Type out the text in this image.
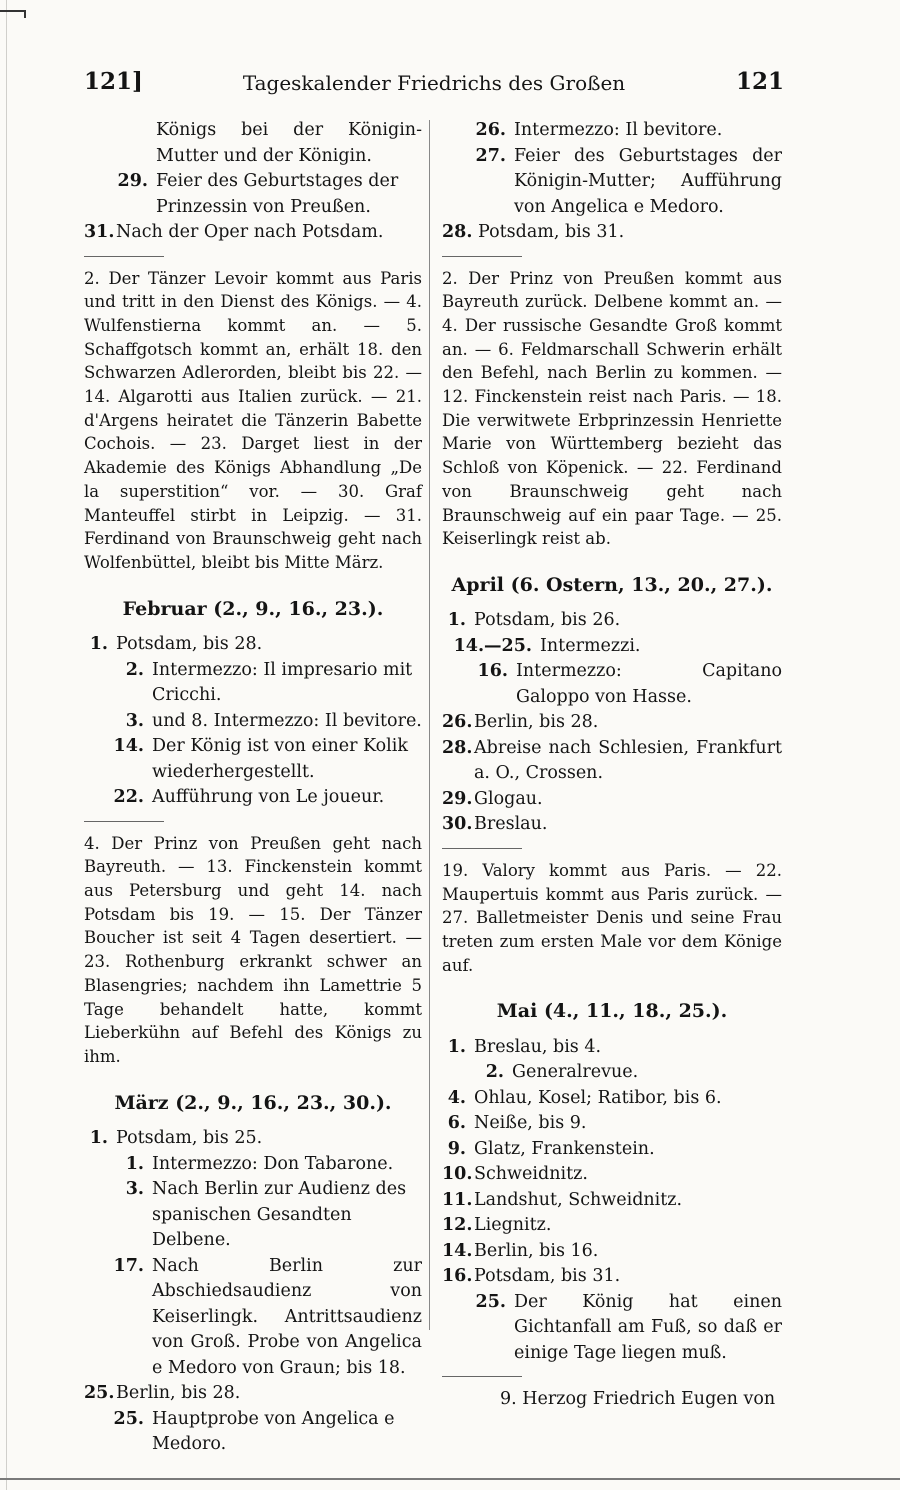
121]	Tageskalender Friedrichs des Großen	121
Königs bei der Königin-Mutter und der Königin.
29. Feier des Geburtstages der Prinzessin von Preußen.
31. Nach der Oper nach Potsdam.

2. Der Tänzer Levoir kommt aus Paris und tritt in den Dienst des Königs. — 4. Wulfenstierna kommt an. — 5. Schaffgotsch kommt an, erhält 18. den Schwarzen Adlerorden, bleibt bis 22. — 14. Algarotti aus Italien zurück. — 21. d'Argens heiratet die Tänzerin Babette Cochois. — 23. Darget liest in der Akademie des Königs Abhandlung „De la superstition“ vor. — 30. Graf Manteuffel stirbt in Leipzig. — 31. Ferdinand von Braunschweig geht nach Wolfenbüttel, bleibt bis Mitte März.

Februar (2., 9., 16., 23.).
1. Potsdam, bis 28.
2. Intermezzo: Il impresario mit Cricchi.
3. und 8. Intermezzo: Il bevitore.
14. Der König ist von einer Kolik wiederhergestellt.
22. Aufführung von Le joueur.

4. Der Prinz von Preußen geht nach Bayreuth. — 13. Finckenstein kommt aus Petersburg und geht 14. nach Potsdam bis 19. — 15. Der Tänzer Boucher ist seit 4 Tagen desertiert. — 23. Rothenburg erkrankt schwer an Blasengries; nachdem ihn Lamettrie 5 Tage behandelt hatte, kommt Lieberkühn auf Befehl des Königs zu ihm.

März (2., 9., 16., 23., 30.).
1. Potsdam, bis 25.
1. Intermezzo: Don Tabarone.
3. Nach Berlin zur Audienz des spanischen Gesandten Delbene.
17. Nach Berlin zur Abschiedsaudienz von Keiserlingk. Antrittsaudienz von Groß. Probe von Angelica e Medoro von Graun; bis 18.
25. Berlin, bis 28.
25. Hauptprobe von Angelica e Medoro.
26. Intermezzo: Il bevitore.
27. Feier des Geburtstages der Königin-Mutter; Aufführung von Angelica e Medoro.
28. Potsdam, bis 31.

2. Der Prinz von Preußen kommt aus Bayreuth zurück. Delbene kommt an. — 4. Der russische Gesandte Groß kommt an. — 6. Feldmarschall Schwerin erhält den Befehl, nach Berlin zu kommen. — 12. Finckenstein reist nach Paris. — 18. Die verwitwete Erbprinzessin Henriette Marie von Württemberg bezieht das Schloß von Köpenick. — 22. Ferdinand von Braunschweig geht nach Braunschweig auf ein paar Tage. — 25. Keiserlingk reist ab.

April (6. Ostern, 13., 20., 27.).
1. Potsdam, bis 26.
14.—25. Intermezzi.
16. Intermezzo: Capitano Galoppo von Hasse.
26. Berlin, bis 28.
28. Abreise nach Schlesien, Frankfurt a. O., Crossen.
29. Glogau.
30. Breslau.

19. Valory kommt aus Paris. — 22. Maupertuis kommt aus Paris zurück. — 27. Balletmeister Denis und seine Frau treten zum ersten Male vor dem Könige auf.

Mai (4., 11., 18., 25.).
1. Breslau, bis 4.
2. Generalrevue.
4. Ohlau, Kosel; Ratibor, bis 6.
6. Neiße, bis 9.
9. Glatz, Frankenstein.
10. Schweidnitz.
11. Landshut, Schweidnitz.
12. Liegnitz.
14. Berlin, bis 16.
16. Potsdam, bis 31.
25. Der König hat einen Gichtanfall am Fuß, so daß er einige Tage liegen muß.
9. Herzog Friedrich Eugen von
